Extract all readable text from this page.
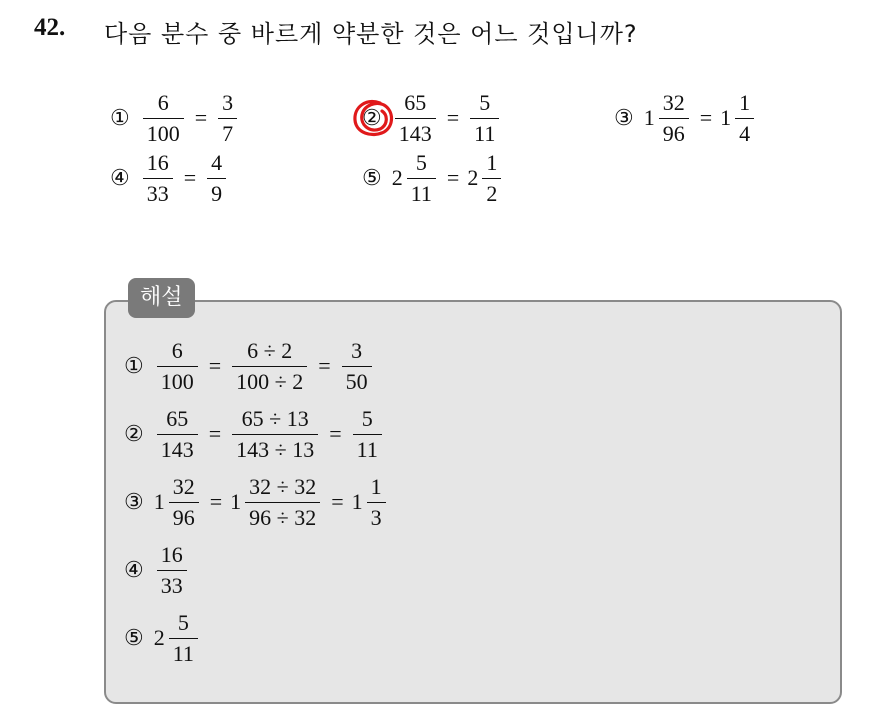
42. 다음 분수 중 바르게 약분한 것은 어느 것입니까?
① $\frac{6}{100} = \frac{3}{7}$	② $\frac{65}{143} = \frac{5}{11}$	③ $1 \frac{32}{96} = 1 \frac{1}{4}$
④ $\frac{16}{33} = \frac{4}{9}$	⑤ $2 \frac{5}{11} = 2 \frac{1}{2}$
해설
① $\frac{6}{100} = \frac{6 \div 2}{100 \div 2} = \frac{3}{50}$
② $\frac{65}{143} = \frac{65 \div 13}{143 \div 13} = \frac{5}{11}$
③ $1 \frac{32}{96} = 1 \frac{32 \div 32}{96 \div 32} = 1 \frac{1}{3}$
④ $\frac{16}{33}$
⑤ $2 \frac{5}{11}$
